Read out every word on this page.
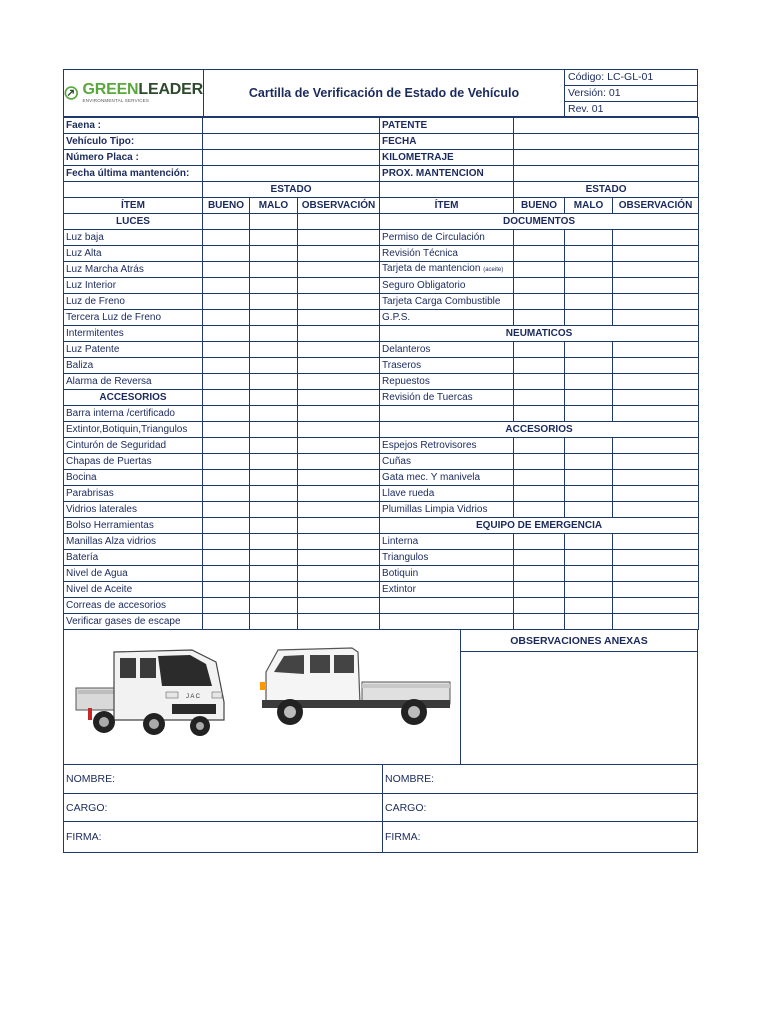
GREENLEADER
ENVIRONMENTAL SERVICES
Cartilla de Verificación de Estado de Vehículo
Código: LC-GL-01
Versión: 01
Rev. 01
Faena :				PATENTE			
Vehículo Tipo:				FECHA			
Número Placa :				KILOMETRAJE			
Fecha última mantención:				PROX. MANTENCION			
	ESTADO				ESTADO		
ÍTEM	BUENO	MALO	OBSERVACIÓN	ÍTEM	BUENO	MALO	OBSERVACIÓN
LUCES				DOCUMENTOS			
Luz baja				Permiso de Circulación			
Luz Alta				Revisión Técnica			
Luz Marcha Atrás				Tarjeta de mantencion (aceite)			
Luz Interior				Seguro Obligatorio			
Luz de Freno				Tarjeta Carga Combustible			
Tercera Luz de Freno				G.P.S.			
Intermitentes				NEUMATICOS			
Luz Patente				Delanteros			
Baliza				Traseros			
Alarma de Reversa				Repuestos			
ACCESORIOS				Revisión de Tuercas			
Barra interna /certificado							
Extintor,Botiquin,Triangulos				ACCESORIOS			
Cinturón de Seguridad				Espejos Retrovisores			
Chapas de Puertas				Cuñas			
Bocina				Gata mec. Y manivela			
Parabrisas				Llave rueda			
Vidrios laterales				Plumillas Limpia Vidrios			
Bolso Herramientas				EQUIPO DE EMERGENCIA			
Manillas Alza vidrios				Linterna			
Batería				Triangulos			
Nivel de Agua				Botiquin			
Nivel de Aceite				Extintor			
Correas de accesorios							
Verificar gases de escape							
J A C
OBSERVACIONES ANEXAS
NOMBRE:	NOMBRE:
CARGO:	CARGO:
FIRMA:	FIRMA:
